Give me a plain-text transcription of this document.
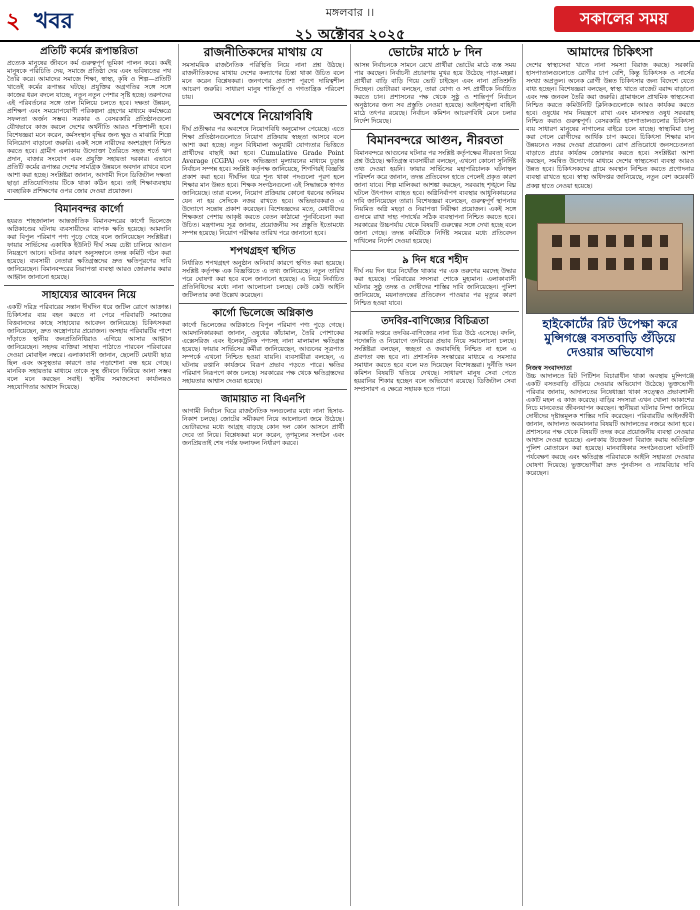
২ খবর	মঙ্গলবার ।।
২১ অক্টোবর ২০২৫
সকালের সময়
প্রতিটি কর্মের রূপান্তরিতা

প্রত্যেক মানুষের জীবনে কর্ম গুরুত্বপূর্ণ ভূমিকা পালন করে। কর্মই মানুষকে পরিচিতি দেয়, সমাজে প্রতিষ্ঠা দেয় এবং ভবিষ্যতের পথ তৈরি করে। আমাদের সমাজে শিক্ষা, স্বাস্থ্য, কৃষি ও শিল্প—প্রতিটি খাতেই কর্মের রূপান্তর ঘটছে। প্রযুক্তির অগ্রগতির সঙ্গে সঙ্গে কাজের ধরন বদলে যাচ্ছে, নতুন নতুন পেশার সৃষ্টি হচ্ছে। তরুণদের এই পরিবর্তনের সঙ্গে তাল মিলিয়ে চলতে হবে। দক্ষতা উন্নয়ন, প্রশিক্ষণ এবং সময়োপযোগী পরিকল্পনা গ্রহণের মাধ্যমে কর্মক্ষেত্রে সফলতা অর্জন সম্ভব। সরকার ও বেসরকারি প্রতিষ্ঠানগুলো যৌথভাবে কাজ করলে দেশের অর্থনীতি আরও শক্তিশালী হবে। বিশেষজ্ঞরা মনে করেন, কর্মসংস্থান বৃদ্ধির জন্য ক্ষুদ্র ও মাঝারি শিল্পে বিনিয়োগ বাড়ানো জরুরি। একই সঙ্গে নারীদের অংশগ্রহণ নিশ্চিত করতে হবে। গ্রামীণ এলাকায় উদ্যোক্তা তৈরিতে সহজ শর্তে ঋণ প্রদান, বাজার সংযোগ এবং প্রযুক্তি সহায়তা দরকার। এভাবে প্রতিটি কর্মের রূপান্তর দেশের সামগ্রিক উন্নয়নে অবদান রাখবে বলে আশা করা হচ্ছে। সংশ্লিষ্টরা জানান, আগামী দিনে ডিজিটাল দক্ষতা ছাড়া প্রতিযোগিতায় টিকে থাকা কঠিন হবে। তাই শিক্ষাব্যবস্থায় ব্যবহারিক প্রশিক্ষণের ওপর জোর দেওয়া প্রয়োজন।

বিমানবন্দর কার্গো

হযরত শাহজালাল আন্তর্জাতিক বিমানবন্দরের কার্গো ভিলেজে অগ্নিকাণ্ডের ঘটনায় ব্যবসায়ীদের ব্যাপক ক্ষতি হয়েছে। আমদানি করা বিপুল পরিমাণ পণ্য পুড়ে গেছে বলে জানিয়েছেন সংশ্লিষ্টরা। ফায়ার সার্ভিসের একাধিক ইউনিট দীর্ঘ সময় চেষ্টা চালিয়ে আগুন নিয়ন্ত্রণে আনে। ঘটনার কারণ অনুসন্ধানে তদন্ত কমিটি গঠন করা হয়েছে। ব্যবসায়ী নেতারা ক্ষতিগ্রস্তদের দ্রুত ক্ষতিপূরণের দাবি জানিয়েছেন। বিমানবন্দরের নিরাপত্তা ব্যবস্থা আরও জোরদার করার আহ্বান জানানো হয়েছে।

সাহায্যের আবেদন নিয়ে

একটি দরিদ্র পরিবারের সন্তান দীর্ঘদিন ধরে জটিল রোগে আক্রান্ত। চিকিৎসার ব্যয় বহন করতে না পেরে পরিবারটি সমাজের বিত্তবানদের কাছে সাহায্যের আবেদন জানিয়েছে। চিকিৎসকরা জানিয়েছেন, দ্রুত অস্ত্রোপচার প্রয়োজন। অসহায় পরিবারটির পাশে দাঁড়াতে স্থানীয় জনপ্রতিনিধিরাও এগিয়ে আসার আহ্বান জানিয়েছেন। সহৃদয় ব্যক্তিরা সাহায্য পাঠাতে পারবেন পরিবারের দেওয়া মোবাইল নম্বরে। এলাকাবাসী জানান, ছেলেটি মেধাবী ছাত্র ছিল এবং অসুস্থতার কারণে তার পড়াশোনা বন্ধ হয়ে গেছে। মানবিক সহায়তার মাধ্যমে তাকে সুস্থ জীবনে ফিরিয়ে আনা সম্ভব বলে মনে করছেন সবাই। স্থানীয় সমাজসেবা কার্যালয়ও সহযোগিতার আশ্বাস দিয়েছে।

রাজনীতিকদের মাথায় যে

সমসাময়িক রাজনৈতিক পরিস্থিতি নিয়ে নানা প্রশ্ন উঠছে। রাজনীতিকদের মাথায় দেশের কল্যাণের চিন্তা থাকা উচিত বলে মনে করেন বিশ্লেষকরা। জনগণের প্রত্যাশা পূরণে দায়িত্বশীল আচরণ জরুরি। সাধারণ মানুষ শান্তিপূর্ণ ও গণতান্ত্রিক পরিবেশ চায়।

অবশেষে নিয়োগবিধি

দীর্ঘ প্রতীক্ষার পর অবশেষে নিয়োগবিধি অনুমোদন পেয়েছে। এতে শিক্ষা প্রতিষ্ঠানগুলোতে নিয়োগ প্রক্রিয়ায় স্বচ্ছতা আসবে বলে আশা করা হচ্ছে। নতুন বিধিমালা অনুযায়ী যোগ্যতার ভিত্তিতে প্রার্থীদের বাছাই করা হবে। Cumulative Grade Point Average (CGPA) এবং অভিজ্ঞতা মূল্যায়নের মাধ্যমে চূড়ান্ত নির্বাচন সম্পন্ন হবে। সংশ্লিষ্ট কর্তৃপক্ষ জানিয়েছে, শিগগিরই বিজ্ঞপ্তি প্রকাশ করা হবে। দীর্ঘদিন ধরে শূন্য থাকা পদগুলো পূরণ হলে শিক্ষার মান উন্নত হবে। শিক্ষক সংগঠনগুলো এই সিদ্ধান্তকে স্বাগত জানিয়েছে। তারা বলেন, নিয়োগ প্রক্রিয়ায় কোনো ধরনের অনিয়ম যেন না হয় সেদিকে নজর রাখতে হবে। অভিভাবকরাও এ উদ্যোগে সন্তোষ প্রকাশ করেছেন। বিশেষজ্ঞদের মতে, মেধাবীদের শিক্ষকতা পেশায় আকৃষ্ট করতে বেতন কাঠামো পুনর্বিবেচনা করা উচিত। মন্ত্রণালয় সূত্র জানায়, প্রয়োজনীয় সব প্রস্তুতি ইতোমধ্যে সম্পন্ন হয়েছে। নিয়োগ পরীক্ষার তারিখ পরে জানানো হবে।

শপথগ্রহণ স্থগিত

নির্ধারিত শপথগ্রহণ অনুষ্ঠান অনিবার্য কারণে স্থগিত করা হয়েছে। সংশ্লিষ্ট কর্তৃপক্ষ এক বিজ্ঞপ্তিতে এ তথ্য জানিয়েছে। নতুন তারিখ পরে ঘোষণা করা হবে বলে জানানো হয়েছে। এ নিয়ে নির্বাচিত প্রতিনিধিদের মধ্যে নানা আলোচনা চলছে। কেউ কেউ আইনি জটিলতার কথা উল্লেখ করেছেন।

কার্গো ভিলেজে অগ্নিকাণ্ড

কার্গো ভিলেজের অগ্নিকাণ্ডে বিপুল পরিমাণ পণ্য পুড়ে গেছে। আমদানিকারকরা জানান, ওষুধের কাঁচামাল, তৈরি পোশাকের এক্সেসরিজ এবং ইলেকট্রনিক পণ্যসহ নানা মালামাল ক্ষতিগ্রস্ত হয়েছে। ফায়ার সার্ভিসের কর্মীরা জানিয়েছেন, আগুনের সূত্রপাত সম্পর্কে এখনো নিশ্চিত হওয়া যায়নি। ব্যবসায়ীরা বলছেন, এ ঘটনায় রপ্তানি কার্যক্রমে বিরূপ প্রভাব পড়তে পারে। ক্ষতির পরিমাণ নিরূপণে কাজ চলছে। সরকারের পক্ষ থেকে ক্ষতিগ্রস্তদের সহায়তার আশ্বাস দেওয়া হয়েছে।

জামায়াত না বিএনপি

আগামী নির্বাচন ঘিরে রাজনৈতিক দলগুলোর মধ্যে নানা হিসাব-নিকাশ চলছে। জোটের সমীকরণ নিয়ে আলোচনা জমে উঠেছে। ভোটারদের মধ্যে আগ্রহ বাড়ছে কোন দল কোন আসনে প্রার্থী দেবে তা নিয়ে। বিশ্লেষকরা মনে করেন, তৃণমূলের সংগঠন এবং জনপ্রিয়তাই শেষ পর্যন্ত ফলাফল নির্ধারণ করবে।

ভোটের মাঠে ৮ দিন

আসন্ন নির্বাচনকে সামনে রেখে প্রার্থীরা ভোটের মাঠে ব্যস্ত সময় পার করছেন। নির্বাচনী প্রচারণায় মুখর হয়ে উঠেছে পাড়া-মহল্লা। প্রার্থীরা বাড়ি বাড়ি গিয়ে ভোট চাইছেন এবং নানা প্রতিশ্রুতি দিচ্ছেন। ভোটাররা বলছেন, তারা যোগ্য ও সৎ প্রার্থীকে নির্বাচিত করতে চান। প্রশাসনের পক্ষ থেকে সুষ্ঠু ও শান্তিপূর্ণ নির্বাচন অনুষ্ঠানের জন্য সব প্রস্তুতি নেওয়া হয়েছে। আইনশৃঙ্খলা বাহিনী মাঠে তৎপর রয়েছে। নির্বাচন কমিশন আচরণবিধি মেনে চলার নির্দেশ দিয়েছে।

বিমানবন্দরে আগুন, নীরবতা

বিমানবন্দরে আগুনের ঘটনার পর সংশ্লিষ্ট কর্তৃপক্ষের নীরবতা নিয়ে প্রশ্ন উঠেছে। ক্ষতিগ্রস্ত ব্যবসায়ীরা বলছেন, এখনো কোনো সুনির্দিষ্ট তথ্য দেওয়া হয়নি। ফায়ার সার্ভিসের মহাপরিচালক ঘটনাস্থল পরিদর্শন করে জানান, তদন্ত প্রতিবেদন হাতে পেলেই প্রকৃত কারণ জানা যাবে। শিল্প মালিকরা আশঙ্কা করছেন, সরবরাহ শৃঙ্খলে বিঘ্ন ঘটলে উৎপাদন ব্যাহত হবে। অগ্নিনির্বাপণ ব্যবস্থার আধুনিকায়নের দাবি জানিয়েছেন তারা। বিশেষজ্ঞরা বলেছেন, গুরুত্বপূর্ণ স্থাপনায় নিয়মিত অগ্নি মহড়া ও নিরাপত্তা নিরীক্ষা প্রয়োজন। একই সঙ্গে গুদামে রাখা দাহ্য পদার্থের সঠিক ব্যবস্থাপনা নিশ্চিত করতে হবে। সরকারের উচ্চপর্যায় থেকে বিষয়টি গুরুত্বের সঙ্গে দেখা হচ্ছে বলে জানা গেছে। তদন্ত কমিটিকে নির্দিষ্ট সময়ের মধ্যে প্রতিবেদন দাখিলের নির্দেশ দেওয়া হয়েছে।

৯ দিন ধরে শহীদ

দীর্ঘ নয় দিন ধরে নিখোঁজ থাকার পর এক তরুণের মরদেহ উদ্ধার করা হয়েছে। পরিবারের সদস্যরা শোকে মুহ্যমান। এলাকাবাসী ঘটনার সুষ্ঠু তদন্ত ও দোষীদের শাস্তির দাবি জানিয়েছেন। পুলিশ জানিয়েছে, ময়নাতদন্তের প্রতিবেদন পাওয়ার পর মৃত্যুর কারণ নিশ্চিত হওয়া যাবে।

তদবির-বাণিজ্যের বিচিত্রতা

সরকারি দপ্তরে তদবির-বাণিজ্যের নানা চিত্র উঠে এসেছে। বদলি, পদোন্নতি ও নিয়োগে তদবিরের প্রভাব নিয়ে সমালোচনা চলছে। সংশ্লিষ্টরা বলছেন, স্বচ্ছতা ও জবাবদিহি নিশ্চিত না হলে এ প্রবণতা বন্ধ হবে না। প্রশাসনিক সংস্কারের মাধ্যমে এ সমস্যার সমাধান করতে হবে বলে মত দিয়েছেন বিশেষজ্ঞরা। দুর্নীতি দমন কমিশন বিষয়টি খতিয়ে দেখছে। সাধারণ মানুষ সেবা পেতে হয়রানির শিকার হচ্ছেন বলে অভিযোগ রয়েছে। ডিজিটাল সেবা সম্প্রসারণ এ ক্ষেত্রে সহায়ক হতে পারে।

আমাদের চিকিৎসা

দেশের স্বাস্থ্যসেবা খাতে নানা সমস্যা বিরাজ করছে। সরকারি হাসপাতালগুলোতে রোগীর চাপ বেশি, কিন্তু চিকিৎসক ও নার্সের সংখ্যা অপ্রতুল। অনেক রোগী উন্নত চিকিৎসার জন্য বিদেশে যেতে বাধ্য হচ্ছেন। বিশেষজ্ঞরা বলছেন, স্বাস্থ্য খাতে বাজেট বরাদ্দ বাড়ানো এবং দক্ষ জনবল তৈরি করা জরুরি। গ্রামাঞ্চলে প্রাথমিক স্বাস্থ্যসেবা নিশ্চিত করতে কমিউনিটি ক্লিনিকগুলোকে আরও কার্যকর করতে হবে। ওষুধের দাম নিয়ন্ত্রণে রাখা এবং মানসম্মত ওষুধ সরবরাহ নিশ্চিত করাও গুরুত্বপূর্ণ। বেসরকারি হাসপাতালগুলোর চিকিৎসা ব্যয় সাধারণ মানুষের নাগালের বাইরে চলে যাচ্ছে। স্বাস্থ্যবিমা চালু করা গেলে রোগীদের আর্থিক চাপ কমবে। চিকিৎসা শিক্ষার মান উন্নয়নেও নজর দেওয়া প্রয়োজন। রোগ প্রতিরোধে জনসচেতনতা বাড়াতে প্রচার কার্যক্রম জোরদার করতে হবে। সংশ্লিষ্টরা আশা করছেন, সমন্বিত উদ্যোগের মাধ্যমে দেশের স্বাস্থ্যসেবা ব্যবস্থা আরও উন্নত হবে। চিকিৎসকদের গ্রামে অবস্থান নিশ্চিত করতে প্রণোদনার ব্যবস্থা রাখতে হবে। স্বাস্থ্য অধিদপ্তর জানিয়েছে, নতুন বেশ কয়েকটি প্রকল্প হাতে নেওয়া হয়েছে।

হাইকোর্টের রিট উপেক্ষা করে মুন্সিগঞ্জে বসতবাড়ি গুঁড়িয়ে দেওয়ার অভিযোগ

নিজস্ব সংবাদদাতা

উচ্চ আদালতে রিট পিটিশন বিচারাধীন থাকা অবস্থায় মুন্সিগঞ্জে একটি বসতবাড়ি গুঁড়িয়ে দেওয়ার অভিযোগ উঠেছে। ভুক্তভোগী পরিবার জানায়, আদালতের নিষেধাজ্ঞা থাকা সত্ত্বেও প্রভাবশালী একটি মহল এ কাজ করেছে। বাড়ির সদস্যরা এখন খোলা আকাশের নিচে মানবেতর জীবনযাপন করছেন। স্থানীয়রা ঘটনার নিন্দা জানিয়ে দোষীদের দৃষ্টান্তমূলক শাস্তির দাবি করেছেন। পরিবারটির আইনজীবী জানান, আদালত অবমাননার বিষয়টি আদালতের নজরে আনা হবে। প্রশাসনের পক্ষ থেকে বিষয়টি তদন্ত করে প্রয়োজনীয় ব্যবস্থা নেওয়ার আশ্বাস দেওয়া হয়েছে। এলাকায় উত্তেজনা বিরাজ করায় অতিরিক্ত পুলিশ মোতায়েন করা হয়েছে। মানবাধিকার সংগঠনগুলো ঘটনাটি পর্যবেক্ষণ করছে এবং ক্ষতিগ্রস্ত পরিবারকে আইনি সহায়তা দেওয়ার ঘোষণা দিয়েছে। ভুক্তভোগীরা দ্রুত পুনর্বাসন ও ন্যায়বিচার দাবি করেছেন।
